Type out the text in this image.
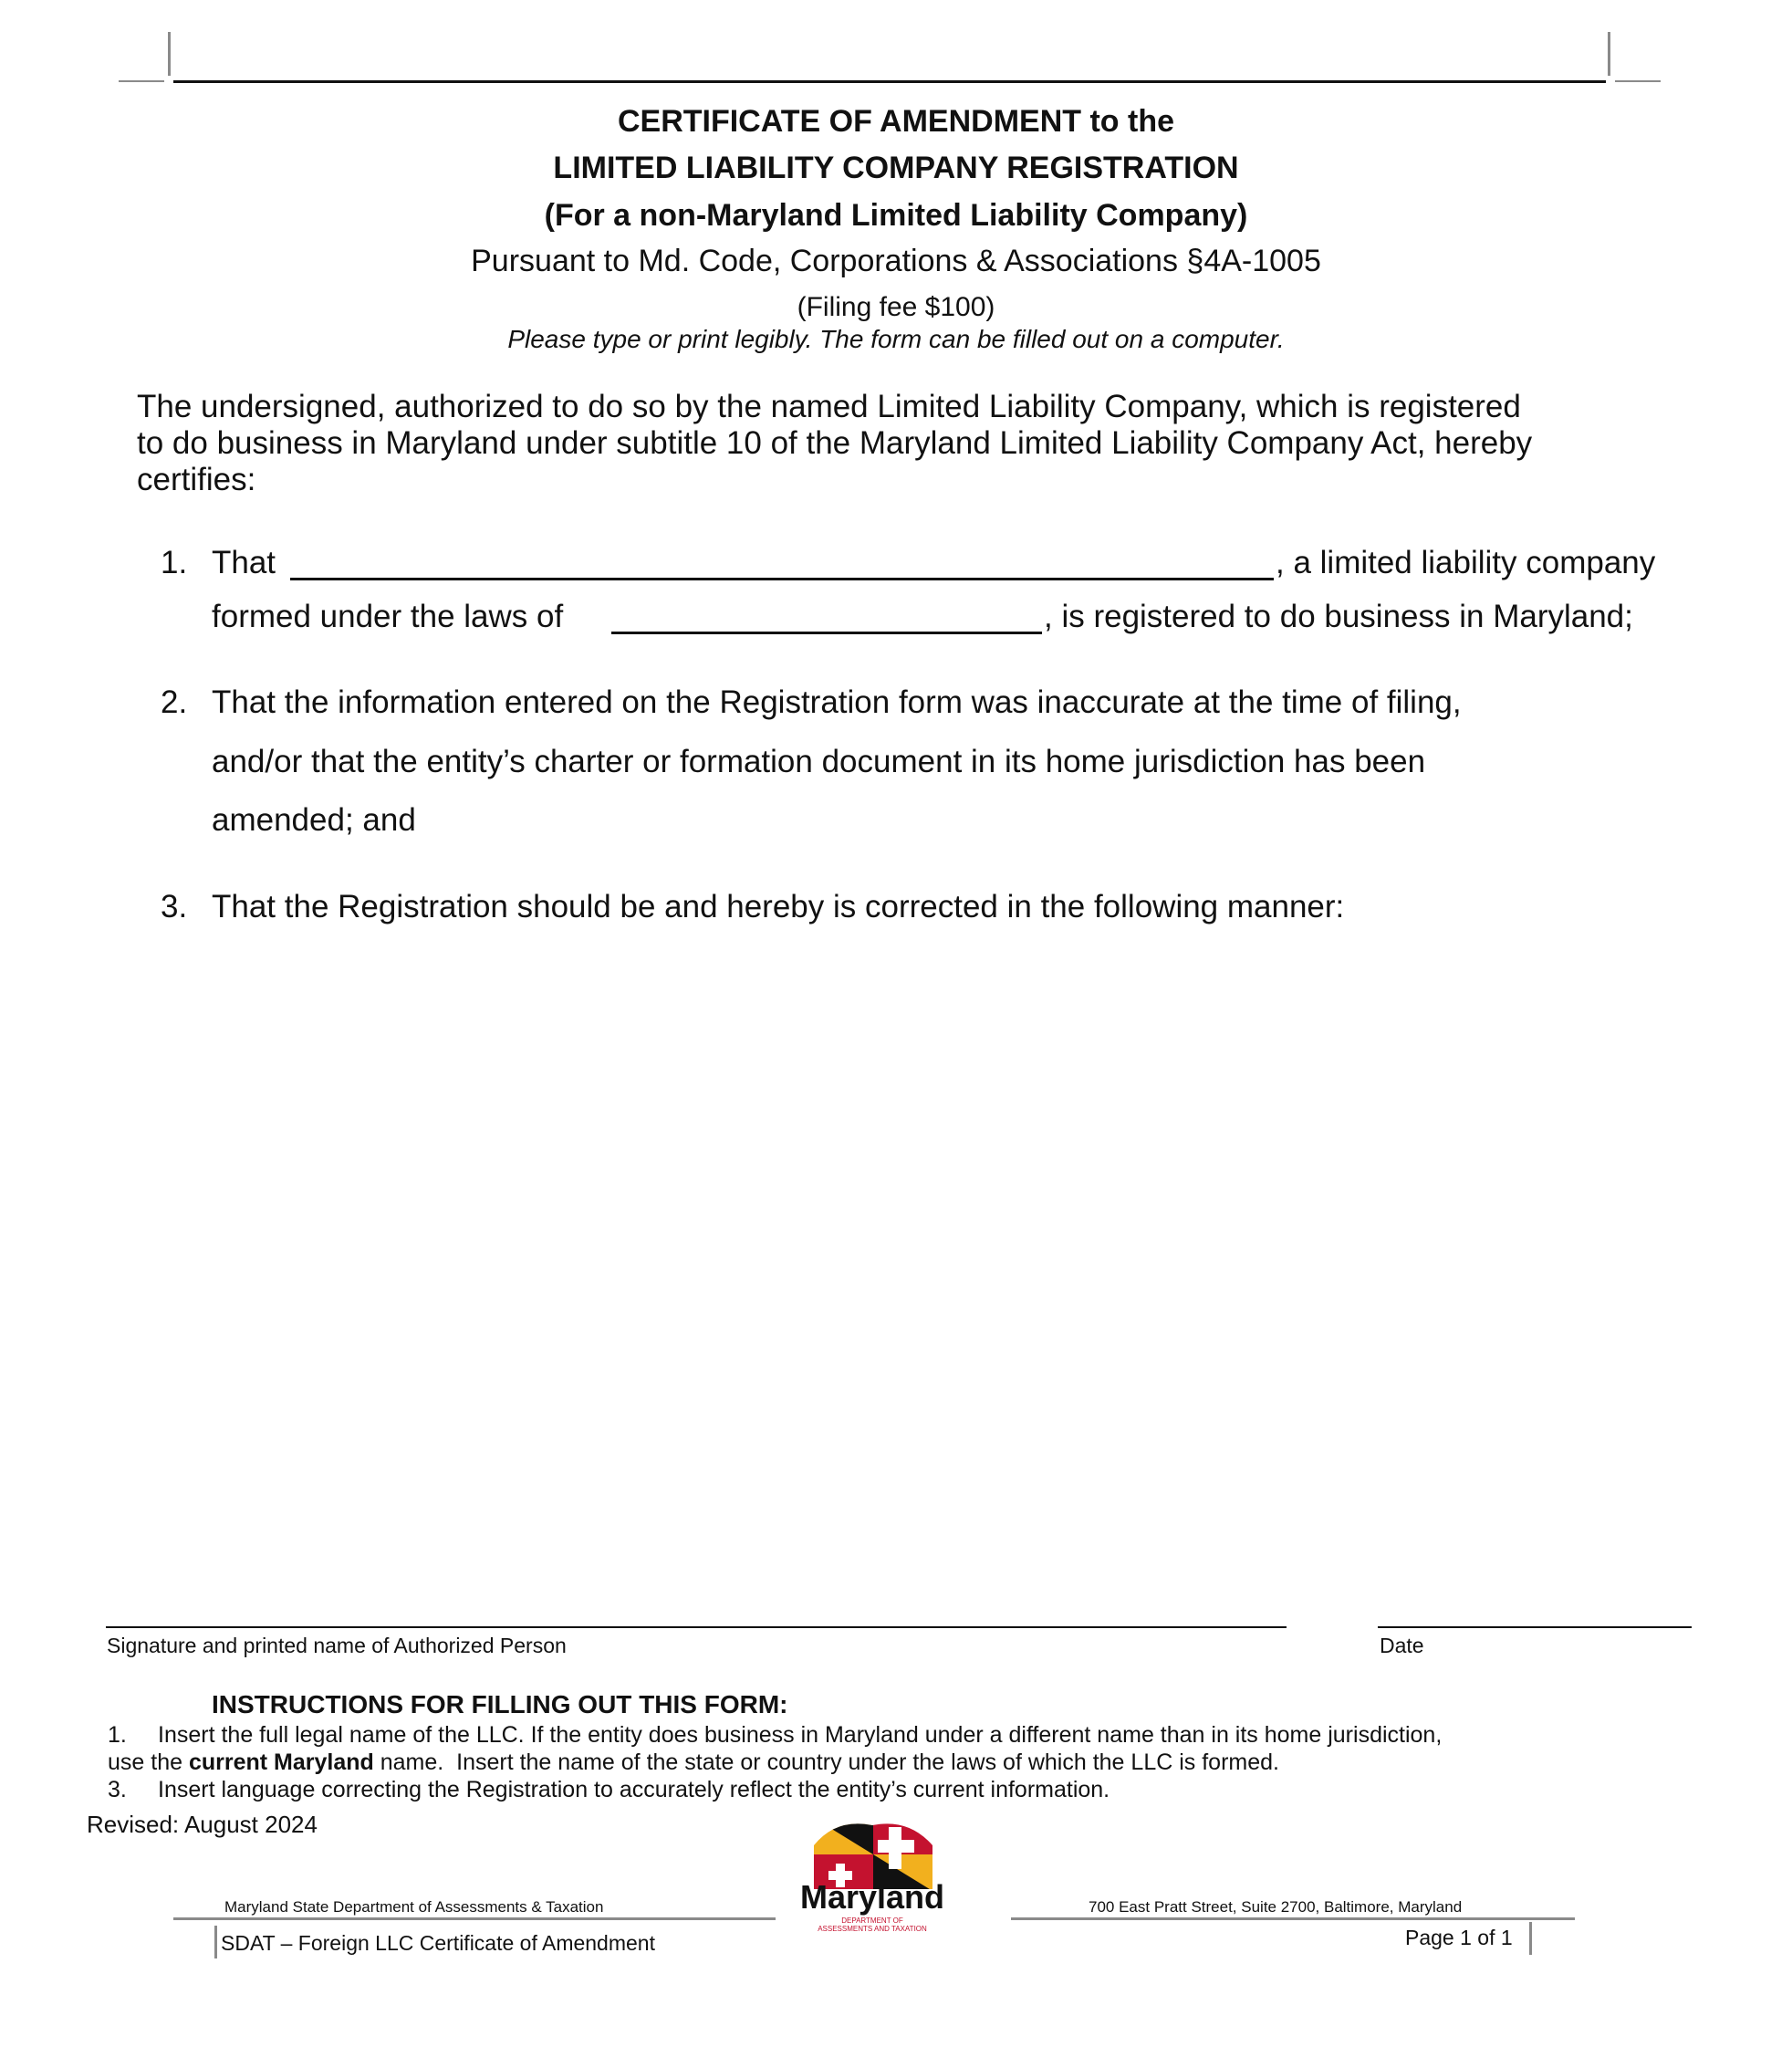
CERTIFICATE OF AMENDMENT to the
LIMITED LIABILITY COMPANY REGISTRATION
(For a non-Maryland Limited Liability Company)
Pursuant to Md. Code, Corporations & Associations §4A-1005
(Filing fee $100)
Please type or print legibly. The form can be filled out on a computer.
The undersigned, authorized to do so by the named Limited Liability Company, which is registered
to do business in Maryland under subtitle 10 of the Maryland Limited Liability Company Act, hereby
certifies:
1. That	, a limited liability company
formed under the laws of	, is registered to do business in Maryland;
2. That the information entered on the Registration form was inaccurate at the time of filing,
and/or that the entity’s charter or formation document in its home jurisdiction has been
amended; and
3. That the Registration should be and hereby is corrected in the following manner:
Signature and printed name of Authorized Person	Date
INSTRUCTIONS FOR FILLING OUT THIS FORM:
1. Insert the full legal name of the LLC. If the entity does business in Maryland under a different name than in its home jurisdiction,
use the current Maryland name.  Insert the name of the state or country under the laws of which the LLC is formed.
3. Insert language correcting the Registration to accurately reflect the entity’s current information.
Revised: August 2024
Maryland State Department of Assessments & Taxation	700 East Pratt Street, Suite 2700, Baltimore, Maryland
Maryland
DEPARTMENT OF
ASSESSMENTS AND TAXATION
SDAT – Foreign LLC Certificate of Amendment	Page 1 of 1
